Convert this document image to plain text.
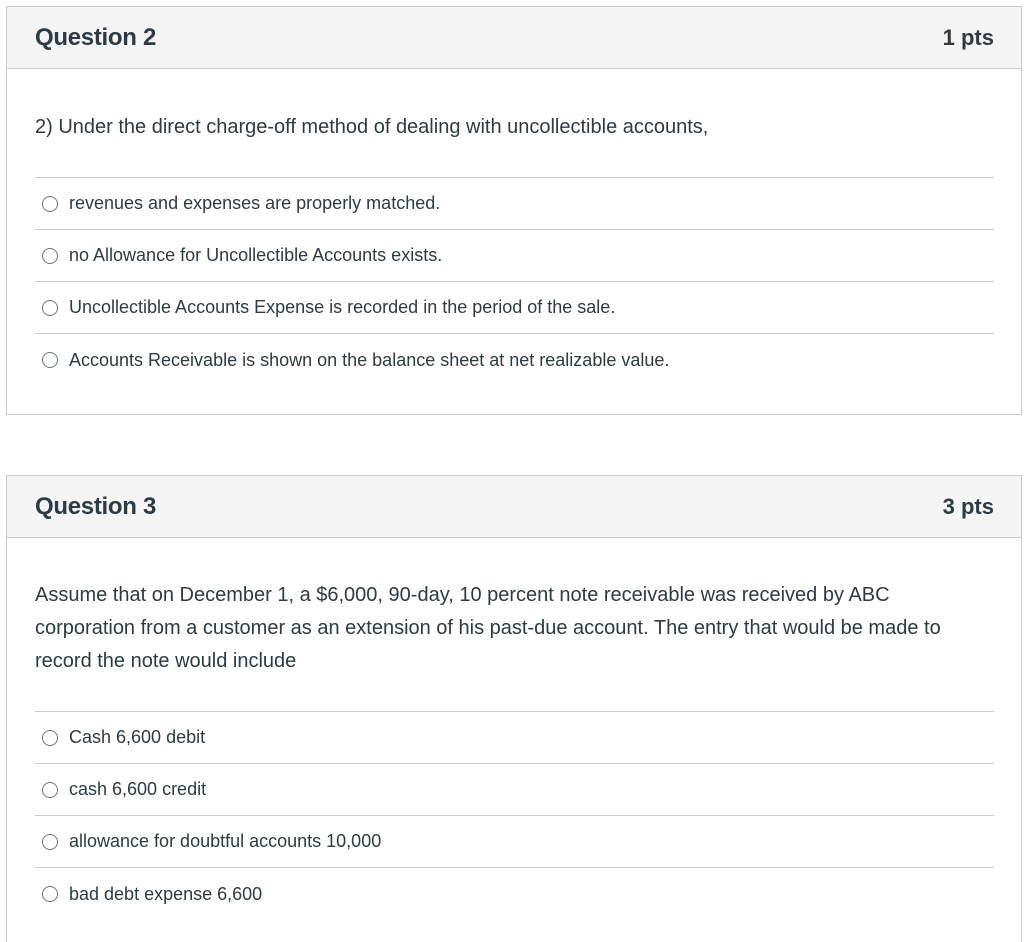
Question 2	1 pts

2) Under the direct charge-off method of dealing with uncollectible accounts,

revenues and expenses are properly matched.
no Allowance for Uncollectible Accounts exists.
Uncollectible Accounts Expense is recorded in the period of the sale.
Accounts Receivable is shown on the balance sheet at net realizable value.
Question 3	3 pts

Assume that on December 1, a $6,000, 90-day, 10 percent note receivable was received by ABC corporation from a customer as an extension of his past-due account. The entry that would be made to record the note would include

Cash 6,600 debit
cash 6,600 credit
allowance for doubtful accounts 10,000
bad debt expense 6,600
